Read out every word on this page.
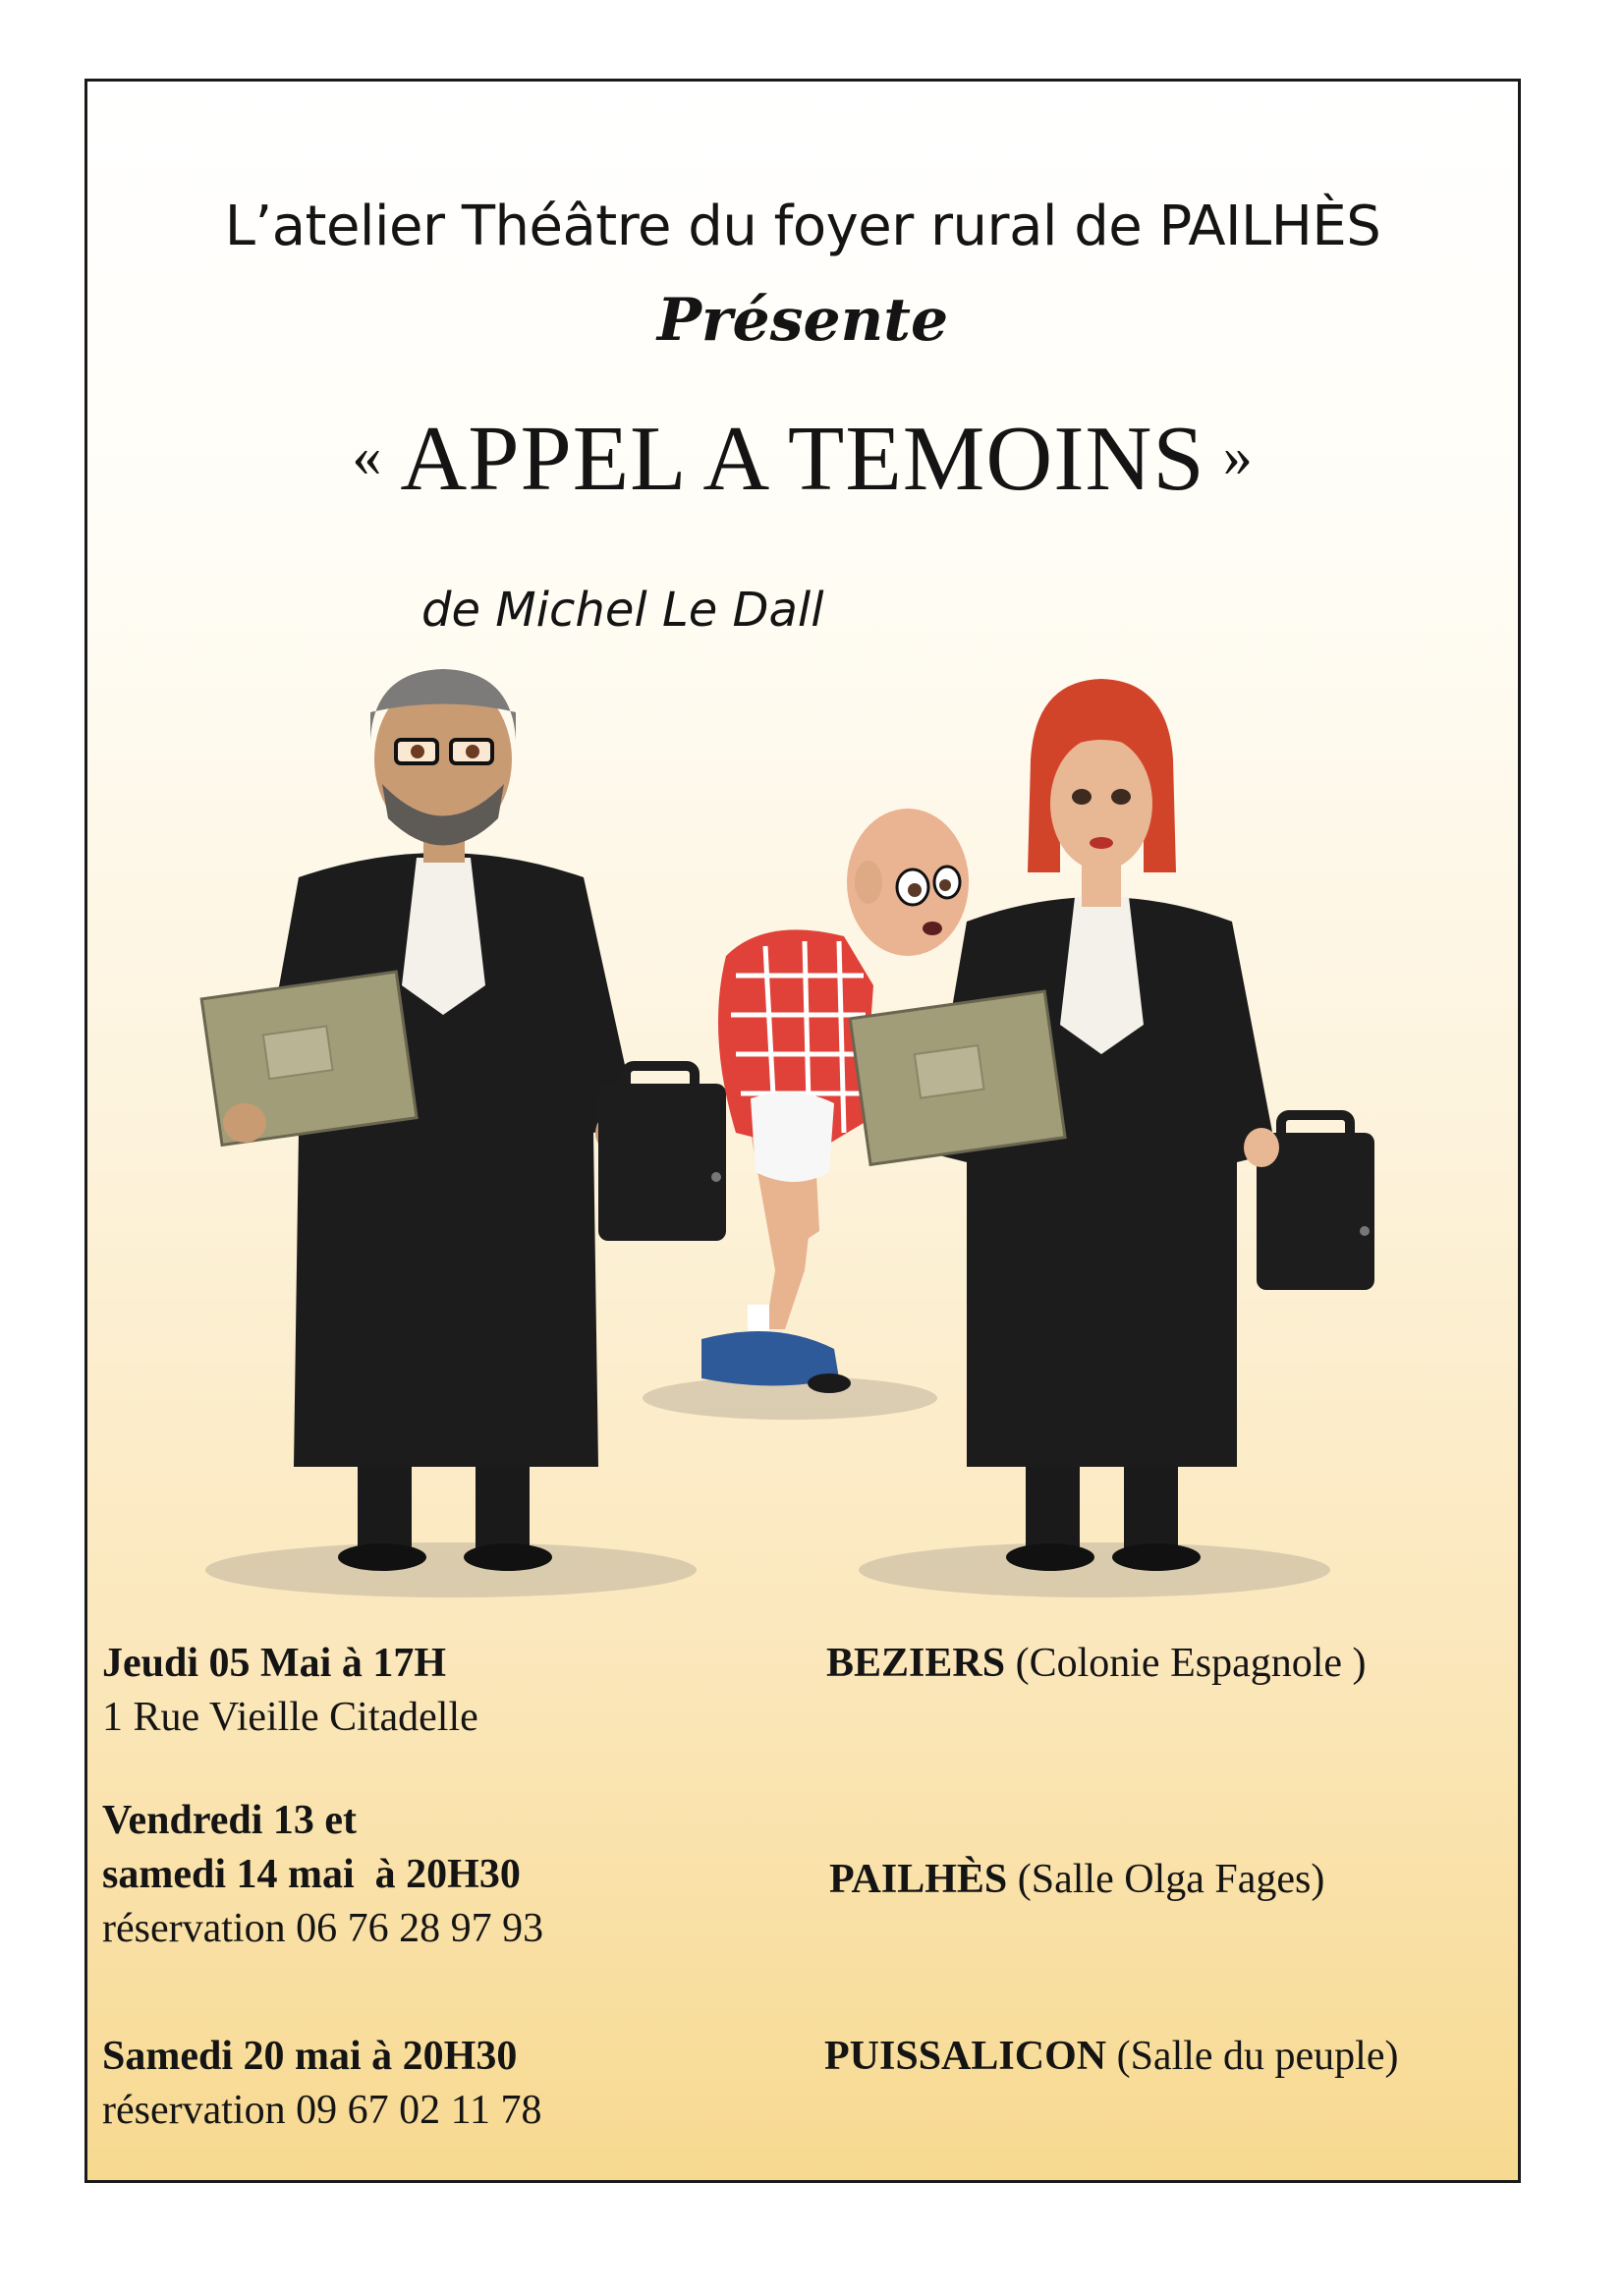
L’atelier Théâtre du foyer rural de PAILHÈS
Présente
« APPEL A TEMOINS »
de Michel Le Dall
Jeudi 05 Mai à 17H
1 Rue Vieille Citadelle
BEZIERS (Colonie Espagnole )
Vendredi 13 et
samedi 14 mai  à 20H30
réservation 06 76 28 97 93
PAILHÈS (Salle Olga Fages)
Samedi 20 mai à 20H30
réservation 09 67 02 11 78
PUISSALICON (Salle du peuple)
